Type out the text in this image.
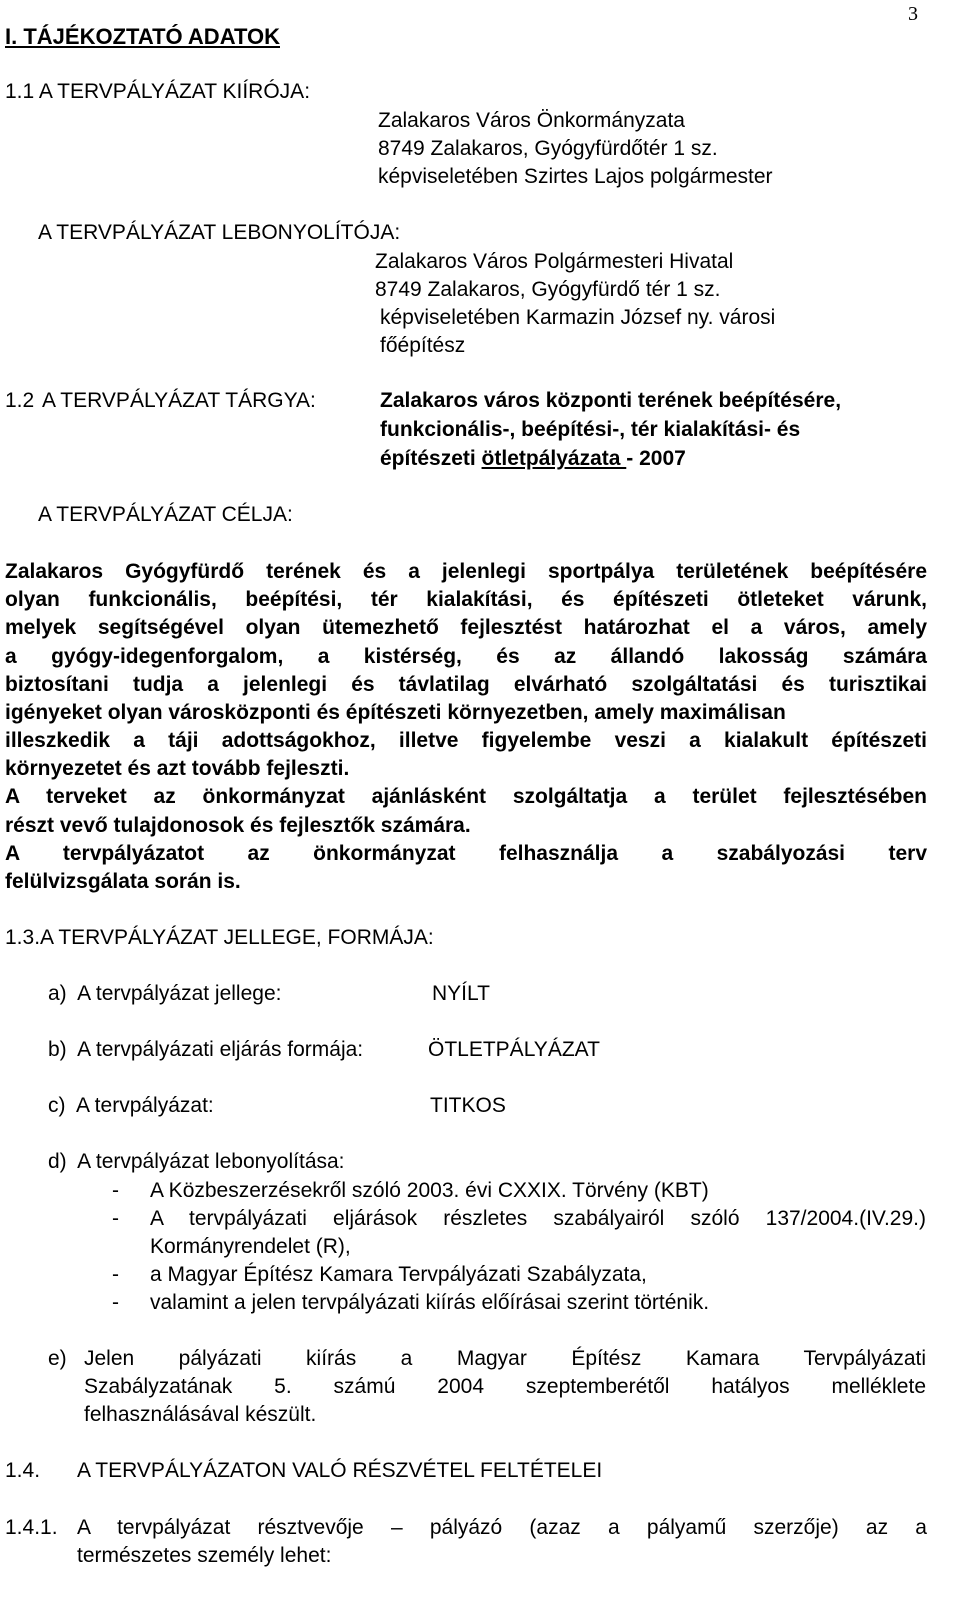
3
I. TÁJÉKOZTATÓ ADATOK
1.1 A TERVPÁLYÁZAT KIÍRÓJA:
Zalakaros Város Önkormányzata
8749 Zalakaros, Gyógyfürdőtér 1 sz.
képviseletében Szirtes Lajos polgármester
A TERVPÁLYÁZAT LEBONYOLÍTÓJA:
Zalakaros Város Polgármesteri Hivatal
8749 Zalakaros, Gyógyfürdő tér 1 sz.
képviseletében Karmazin József ny. városi
főépítész
1.2 A TERVPÁLYÁZAT TÁRGYA:	Zalakaros város központi terének beépítésére,
funkcionális-, beépítési-, tér kialakítási- és
építészeti ötletpályázata - 2007
A TERVPÁLYÁZAT CÉLJA:
Zalakaros Gyógyfürdő terének és a jelenlegi sportpálya területének beépítésére
olyan funkcionális, beépítési, tér kialakítási, és építészeti ötleteket várunk,
melyek segítségével olyan ütemezhető fejlesztést határozhat el a város, amely
a gyógy-idegenforgalom, a kistérség, és az állandó lakosság számára
biztosítani tudja a jelenlegi és távlatilag elvárható szolgáltatási és turisztikai
igényeket olyan városközponti és építészeti környezetben, amely maximálisan
illeszkedik a táji adottságokhoz, illetve figyelembe veszi a kialakult építészeti
környezetet és azt tovább fejleszti.
A terveket az önkormányzat ajánlásként szolgáltatja a terület fejlesztésében
részt vevő tulajdonosok és fejlesztők számára.
A tervpályázatot az önkormányzat felhasználja a szabályozási terv
felülvizsgálata során is.
1.3.A TERVPÁLYÁZAT JELLEGE, FORMÁJA:
a)  A tervpályázat jellege:	NYÍLT
b)  A tervpályázati eljárás formája:	ÖTLETPÁLYÁZAT
c)  A tervpályázat:	TITKOS
d)  A tervpályázat lebonyolítása:
- A Közbeszerzésekről szóló 2003. évi CXXIX. Törvény (KBT)
- A tervpályázati eljárások részletes szabályairól szóló 137/2004.(IV.29.)
Kormányrendelet (R),
- a Magyar Építész Kamara Tervpályázati Szabályzata,
- valamint a jelen tervpályázati kiírás előírásai szerint történik.
e) Jelen pályázati kiírás a Magyar Építész Kamara Tervpályázati
Szabályzatának 5. számú 2004 szeptemberétől hatályos melléklete
felhasználásával készült.
1.4. A TERVPÁLYÁZATON VALÓ RÉSZVÉTEL FELTÉTELEI
1.4.1. A tervpályázat résztvevője – pályázó (azaz a pályamű szerzője) az a
természetes személy lehet:
